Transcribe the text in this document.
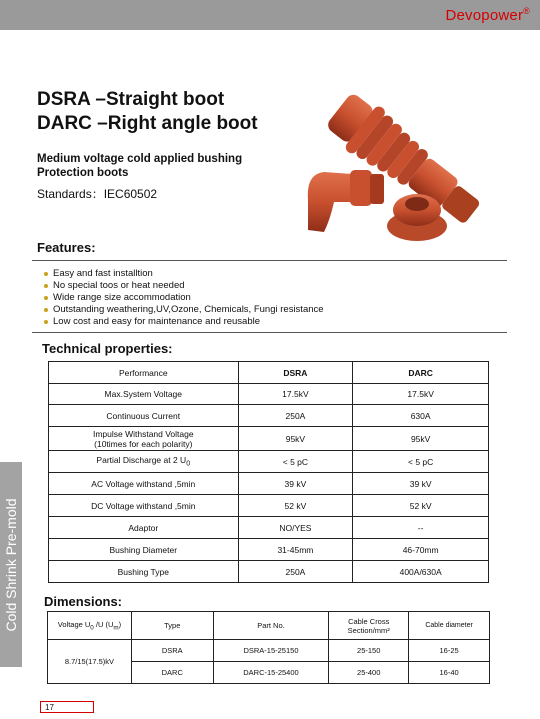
Devopower®
Cold Shrink Pre-mold
DSRA –Straight boot
DARC –Right angle boot
Medium voltage cold applied bushing
Protection boots
Standards：IEC60502
Features:
Easy and fast installtion
No special toos or heat needed
Wide range size accommodation
Outstanding weathering,UV,Ozone, Chemicals, Fungi resistance
Low cost and easy for maintenance and reusable
Technical properties:
Performance	DSRA	DARC
Max.System Voltage	17.5kV	17.5kV
Continuous Current	250A	630A
Impulse Withstand Voltage
(10times for each polarity)	95kV	95kV
Partial Discharge at 2 $U_0$	< 5 pC	< 5 pC
AC Voltage withstand ,5min	39 kV	39 kV
DC Voltage withstand ,5min	52 kV	52 kV
Adaptor	NO/YES	--
Bushing Diameter	31-45mm	46-70mm
Bushing Type	250A	400A/630A
Dimensions:
Voltage $U_0$ /U $(U_m)$	Type	Part No.	Cable Cross
Section/mm²	Cable diameter
8.7/15(17.5)kV	DSRA	DSRA-15-25150	25-150	16-25
	DARC	DARC-15-25400	25-400	16-40
17
